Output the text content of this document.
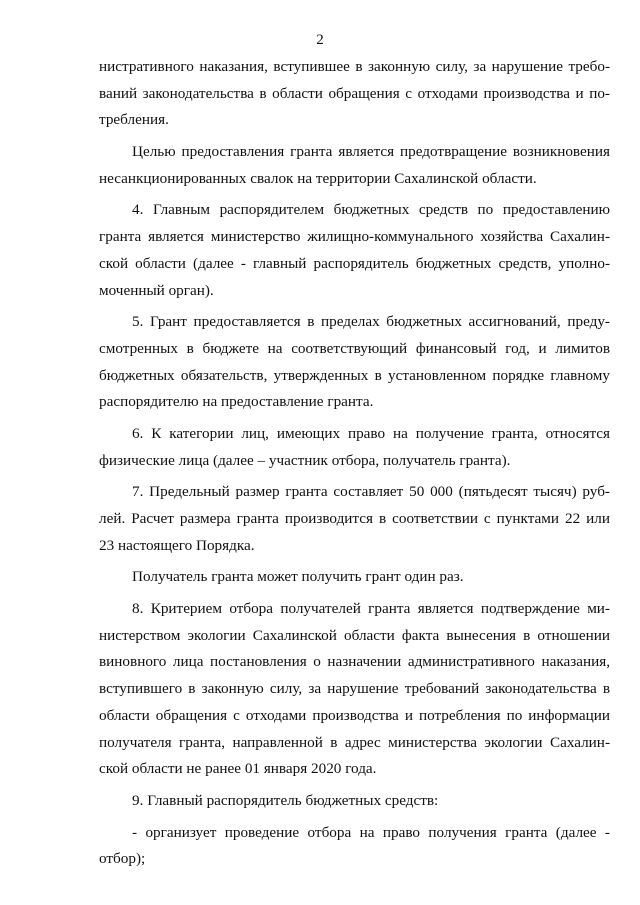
2
нистративного наказания, вступившее в законную силу, за нарушение требо-
ваний законодательства в области обращения с отходами производства и по-
требления.
Целью предоставления гранта является предотвращение возникновения
несанкционированных свалок на территории Сахалинской области.
4. Главным распорядителем бюджетных средств по предоставлению
гранта является министерство жилищно-коммунального хозяйства Сахалин-
ской области (далее - главный распорядитель бюджетных средств, уполно-
моченный орган).
5. Грант предоставляется в пределах бюджетных ассигнований, преду-
смотренных в бюджете на соответствующий финансовый год, и лимитов
бюджетных обязательств, утвержденных в установленном порядке главному
распорядителю на предоставление гранта.
6. К категории лиц, имеющих право на получение гранта, относятся
физические лица (далее – участник отбора, получатель гранта).
7. Предельный размер гранта составляет 50 000 (пятьдесят тысяч) руб-
лей. Расчет размера гранта производится в соответствии с пунктами 22 или
23 настоящего Порядка.
Получатель гранта может получить грант один раз.
8. Критерием отбора получателей гранта является подтверждение ми-
нистерством экологии Сахалинской области факта вынесения в отношении
виновного лица постановления о назначении административного наказания,
вступившего в законную силу, за нарушение требований законодательства в
области обращения с отходами производства и потребления по информации
получателя гранта, направленной в адрес министерства экологии Сахалин-
ской области не ранее 01 января 2020 года.
9. Главный распорядитель бюджетных средств:
- организует проведение отбора на право получения гранта (далее -
отбор);
